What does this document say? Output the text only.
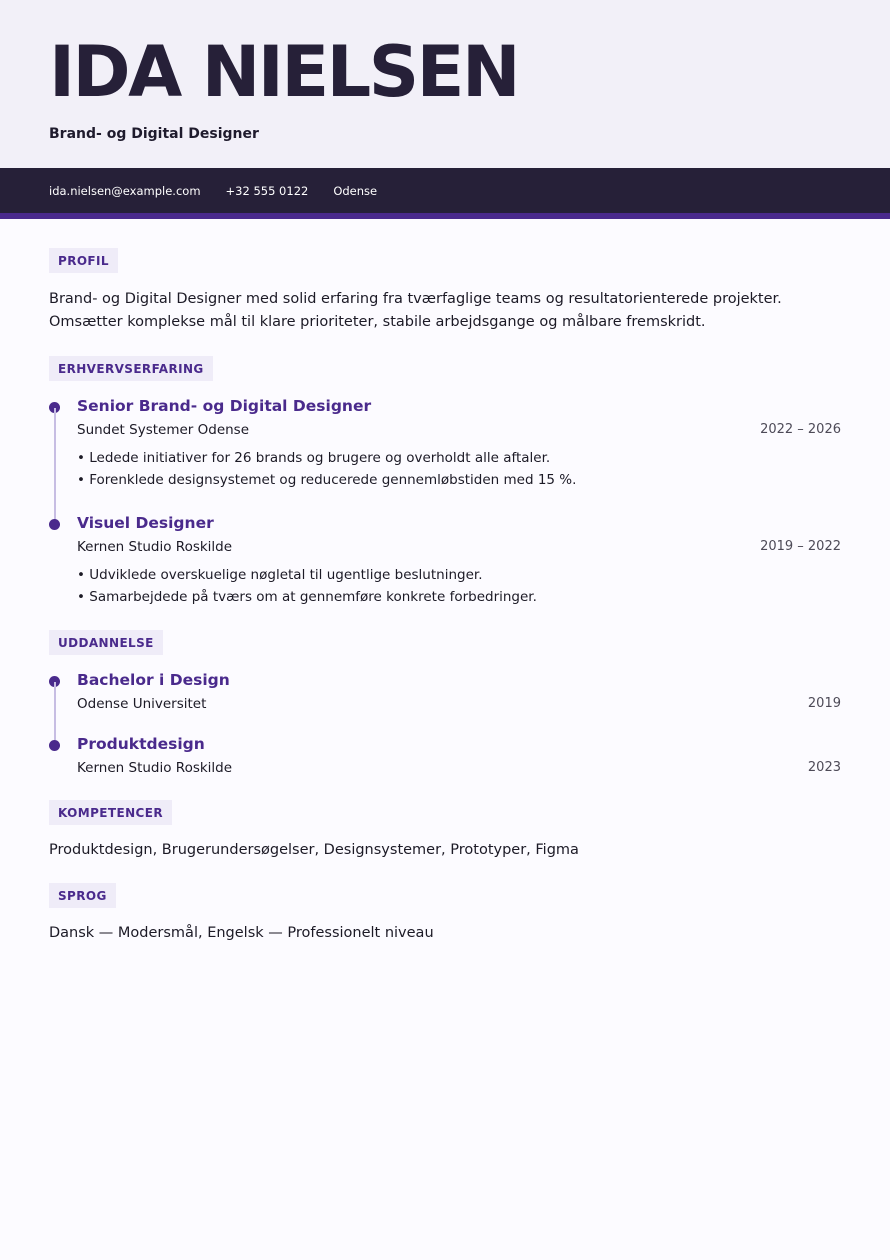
IDA NIELSEN
Brand- og Digital Designer
ida.nielsen@example.com +32 555 0122 Odense
PROFIL

Brand- og Digital Designer med solid erfaring fra tværfaglige teams og resultatorienterede projekter. Omsætter komplekse mål til klare prioriteter, stabile arbejdsgange og målbare fremskridt.

ERHVERVSERFARING
Senior Brand- og Digital Designer
Sundet Systemer Odense	2022 – 2026
• Ledede initiativer for 26 brands og brugere og overholdt alle aftaler.
• Forenklede designsystemet og reducerede gennemløbstiden med 15 %.
Visuel Designer
Kernen Studio Roskilde	2019 – 2022
• Udviklede overskuelige nøgletal til ugentlige beslutninger.
• Samarbejdede på tværs om at gennemføre konkrete forbedringer.
UDDANNELSE
Bachelor i Design
Odense Universitet	2019
Produktdesign
Kernen Studio Roskilde	2023
KOMPETENCER

Produktdesign, Brugerundersøgelser, Designsystemer, Prototyper, Figma

SPROG

Dansk — Modersmål, Engelsk — Professionelt niveau
